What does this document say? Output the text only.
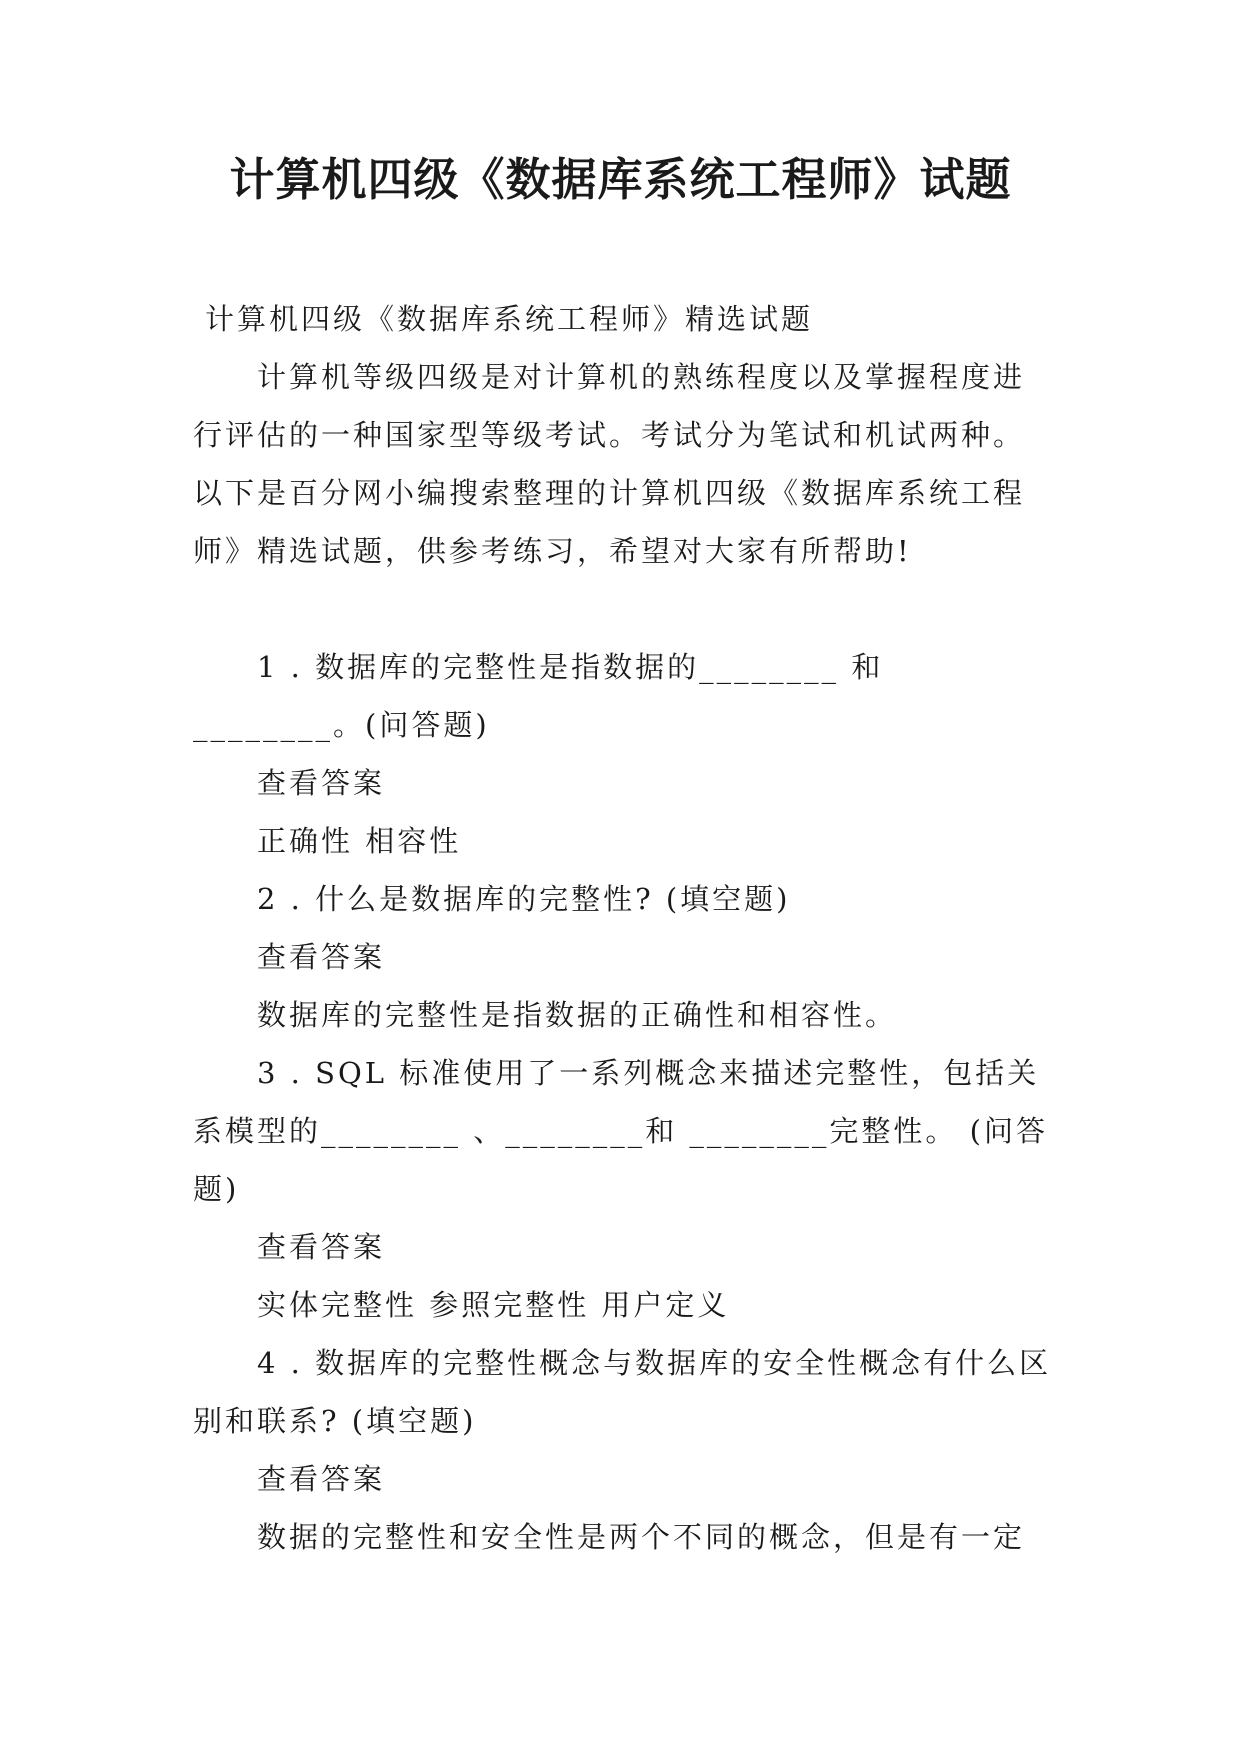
计算机四级《数据库系统工程师》试题

计算机四级《数据库系统工程师》精选试题

计算机等级四级是对计算机的熟练程度以及掌握程度进行评估的一种国家型等级考试。考试分为笔试和机试两种。以下是百分网小编搜索整理的计算机四级《数据库系统工程师》精选试题，供参考练习，希望对大家有所帮助!

1 . 数据库的完整性是指数据的________ 和 ________。(问答题)

查看答案

正确性 相容性

2 . 什么是数据库的完整性? (填空题)

查看答案

数据库的完整性是指数据的正确性和相容性。

3 . SQL 标准使用了一系列概念来描述完整性，包括关系模型的________ 、________和 ________完整性。 (问答题)

查看答案

实体完整性 参照完整性 用户定义

4 . 数据库的完整性概念与数据库的安全性概念有什么区别和联系? (填空题)

查看答案

数据的完整性和安全性是两个不同的概念，但是有一定
